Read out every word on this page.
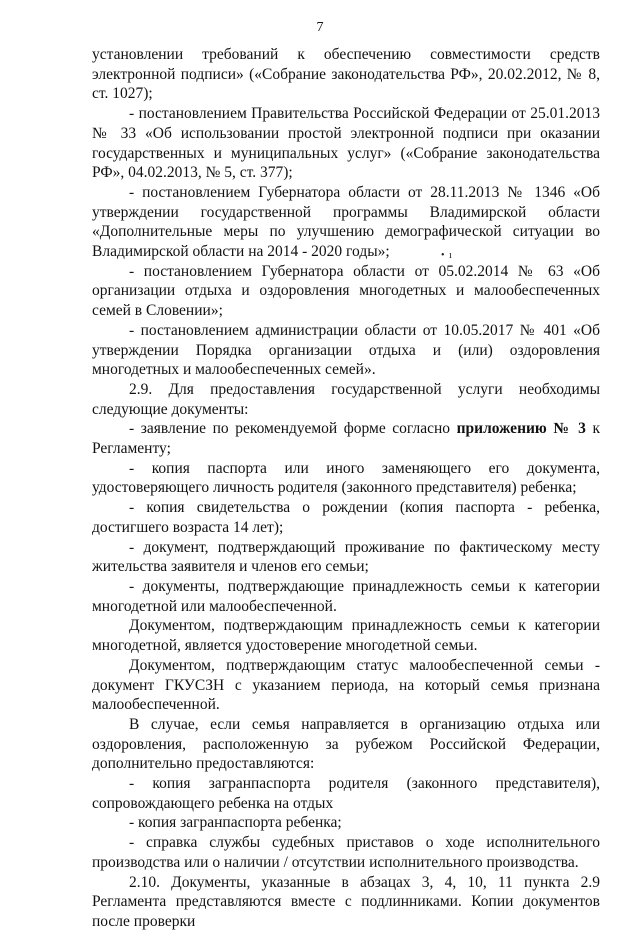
7
• ı

установлении требований к обеспечению совместимости средств электронной подписи» («Собрание законодательства РФ», 20.02.2012, № 8, ст. 1027);

- постановлением Правительства Российской Федерации от 25.01.2013 № 33 «Об использовании простой электронной подписи при оказании государственных и муниципальных услуг» («Собрание законодательства РФ», 04.02.2013, № 5, ст. 377);

- постановлением Губернатора области от 28.11.2013 № 1346 «Об утверждении государственной программы Владимирской области «Дополнительные меры по улучшению демографической ситуации во Владимирской области на 2014 - 2020 годы»;

- постановлением Губернатора области от 05.02.2014 № 63 «Об организации отдыха и оздоровления многодетных и малообеспеченных семей в Словении»;

- постановлением администрации области от 10.05.2017 № 401 «Об утверждении Порядка организации отдыха и (или) оздоровления многодетных и малообеспеченных семей».

2.9. Для предоставления государственной услуги необходимы следующие документы:

- заявление по рекомендуемой форме согласно приложению № 3 к Регламенту;

- копия паспорта или иного заменяющего его документа, удостоверяющего личность родителя (законного представителя) ребенка;

- копия свидетельства о рождении (копия паспорта - ребенка, достигшего возраста 14 лет);

- документ, подтверждающий проживание по фактическому месту жительства заявителя и членов его семьи;

- документы, подтверждающие принадлежность семьи к категории многодетной или малообеспеченной.

Документом, подтверждающим принадлежность семьи к категории многодетной, является удостоверение многодетной семьи.

Документом, подтверждающим статус малообеспеченной семьи - документ ГКУСЗН с указанием периода, на который семья признана малообеспеченной.

В случае, если семья направляется в организацию отдыха или оздоровления, расположенную за рубежом Российской Федерации, дополнительно предоставляются:

- копия загранпаспорта родителя (законного представителя), сопровождающего ребенка на отдых

- копия загранпаспорта ребенка;

- справка службы судебных приставов о ходе исполнительного производства или о наличии / отсутствии исполнительного производства.

2.10. Документы, указанные в абзацах 3, 4, 10, 11 пункта 2.9 Регламента представляются вместе с подлинниками. Копии документов после проверки
